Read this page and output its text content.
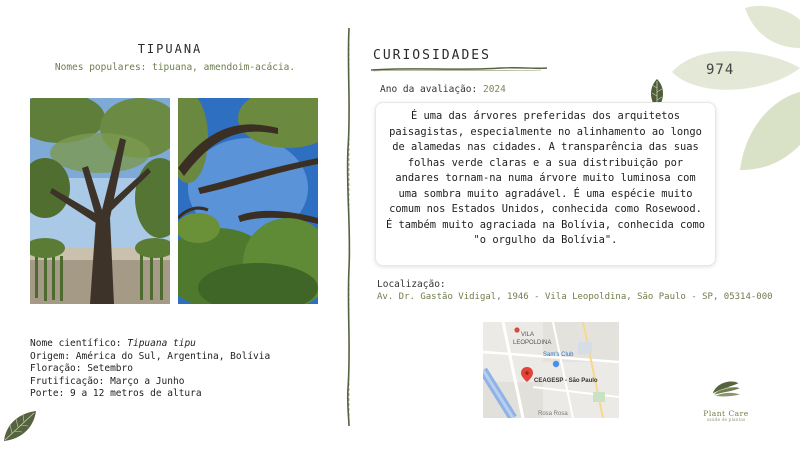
974
TIPUANA
Nomes populares: tipuana, amendoim-acácia.
Nome científico: Tipuana tipu
Origem: América do Sul, Argentina, Bolívia
Floração: Setembro
Frutificação: Março a Junho
Porte: 9 a 12 metros de altura
CURIOSIDADES
Ano da avaliação: 2024
É uma das árvores preferidas dos arquitetos paisagistas, especialmente no alinhamento ao longo de alamedas nas cidades. A transparência das suas folhas verde claras e a sua distribuição por andares tornam-na numa árvore muito luminosa com uma sombra muito agradável. É uma espécie muito comum nos Estados Unidos, conhecida como Rosewood. É também muito agraciada na Bolívia, conhecida como "o orgulho da Bolívia".
Localização:
Av. Dr. Gastão Vidigal, 1946 - Vila Leopoldina, São Paulo - SP, 05314-000
VILA
LEOPOLDINA
Sam's Club
CEAGESP - São Paulo
Rosa Rosa	Plant Care
saúde de plantas
